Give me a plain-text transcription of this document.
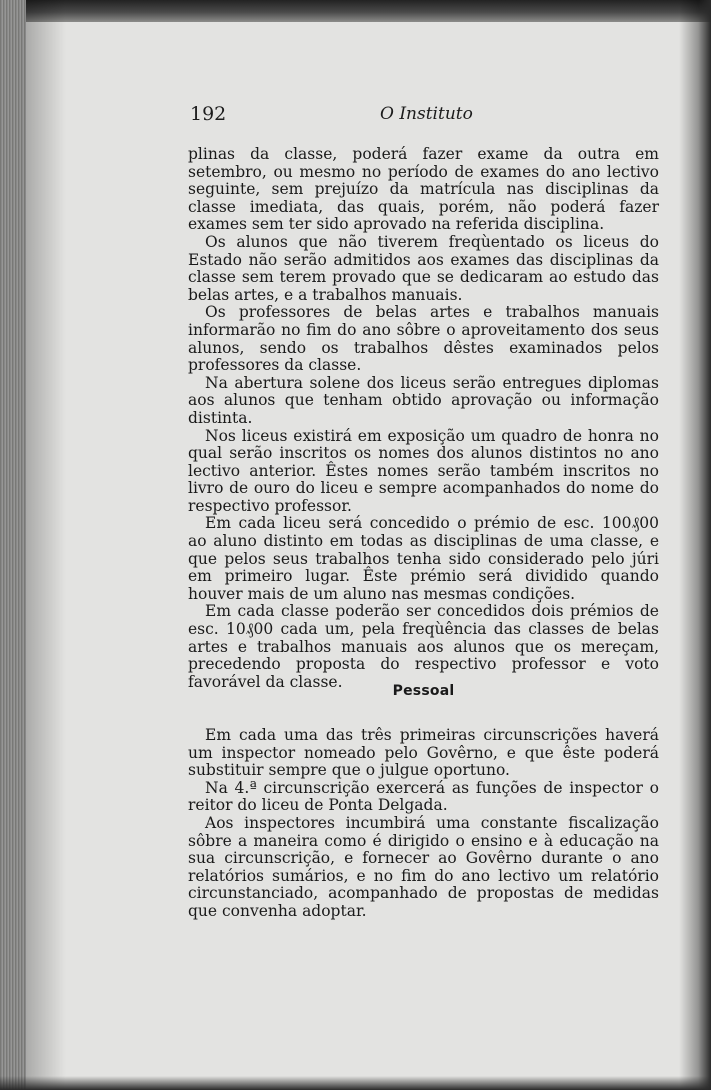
192	O Instituto

plinas da classe, poderá fazer exame da outra em setembro, ou mesmo no período de exames do ano lectivo seguinte, sem prejuízo da matrícula nas disciplinas da classe imediata, das quais, porém, não poderá fazer exames sem ter sido aprovado na referida disciplina.

Os alunos que não tiverem freqùentado os liceus do Estado não serão admitidos aos exames das disciplinas da classe sem terem provado que se dedicaram ao estudo das belas artes, e a trabalhos manuais.

Os professores de belas artes e trabalhos manuais informarão no fim do ano sôbre o aproveitamento dos seus alunos, sendo os trabalhos dêstes examinados pelos professores da classe.

Na abertura solene dos liceus serão entregues diplomas aos alunos que tenham obtido aprovação ou informação distinta.

Nos liceus existirá em exposição um quadro de honra no qual serão inscritos os nomes dos alunos distintos no ano lectivo anterior. Êstes nomes serão também inscritos no livro de ouro do liceu e sempre acompanhados do nome do respectivo professor.

Em cada liceu será concedido o prémio de esc. 100₰00 ao aluno distinto em todas as disciplinas de uma classe, e que pelos seus trabalhos tenha sido considerado pelo júri em primeiro lugar. Êste prémio será dividido quando houver mais de um aluno nas mesmas condições.

Em cada classe poderão ser concedidos dois prémios de esc. 10₰00 cada um, pela freqùência das classes de belas artes e trabalhos manuais aos alunos que os mereçam, precedendo proposta do respectivo professor e voto favorável da classe.

Pessoal

Em cada uma das três primeiras circunscrições haverá um inspector nomeado pelo Govêrno, e que êste poderá substituir sempre que o julgue oportuno.

Na 4.ª circunscrição exercerá as funções de inspector o reitor do liceu de Ponta Delgada.

Aos inspectores incumbirá uma constante fiscalização sôbre a maneira como é dirigido o ensino e à educação na sua circunscrição, e fornecer ao Govêrno durante o ano relatórios sumários, e no fim do ano lectivo um relatório circunstanciado, acompanhado de propostas de medidas que convenha adoptar.
